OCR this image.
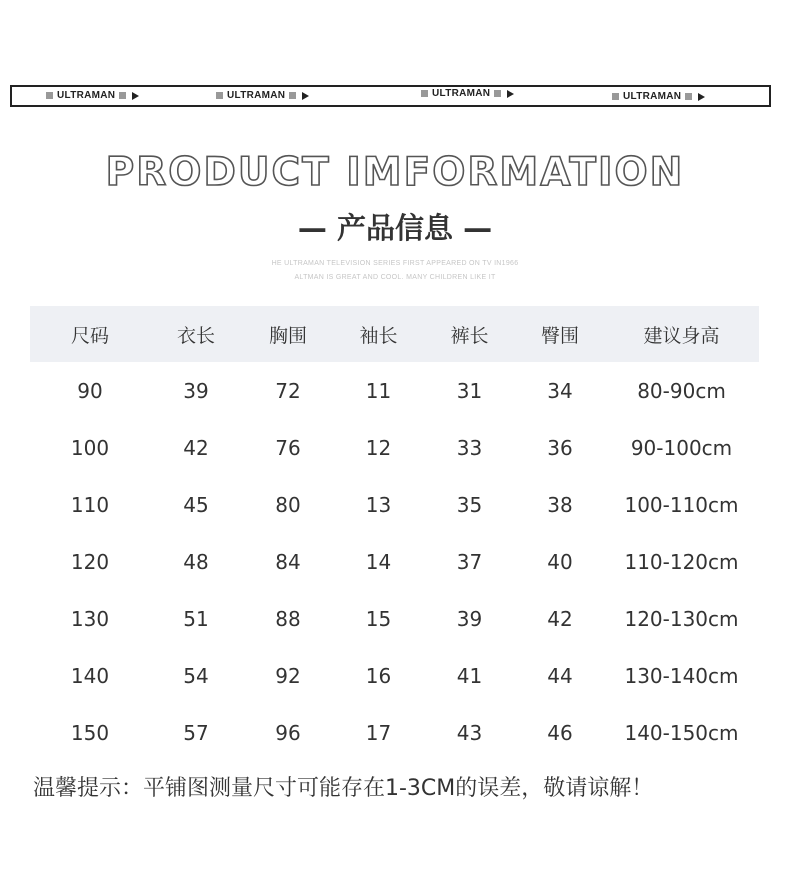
ULTRAMAN	ULTRAMAN	ULTRAMAN	ULTRAMAN
PRODUCT IMFORMATION
— 产品信息 —
HE ULTRAMAN TELEVISION SERIES FIRST APPEARED ON TV IN1966
ALTMAN IS GREAT AND COOL. MANY CHILDREN LIKE IT
尺码	衣长	胸围	袖长	裤长	臀围	建议身高
90	39	72	11	31	34	80-90cm
100	42	76	12	33	36	90-100cm
110	45	80	13	35	38	100-110cm
120	48	84	14	37	40	110-120cm
130	51	88	15	39	42	120-130cm
140	54	92	16	41	44	130-140cm
150	57	96	17	43	46	140-150cm
温馨提示：平铺图测量尺寸可能存在1-3CM的误差，敬请谅解！
